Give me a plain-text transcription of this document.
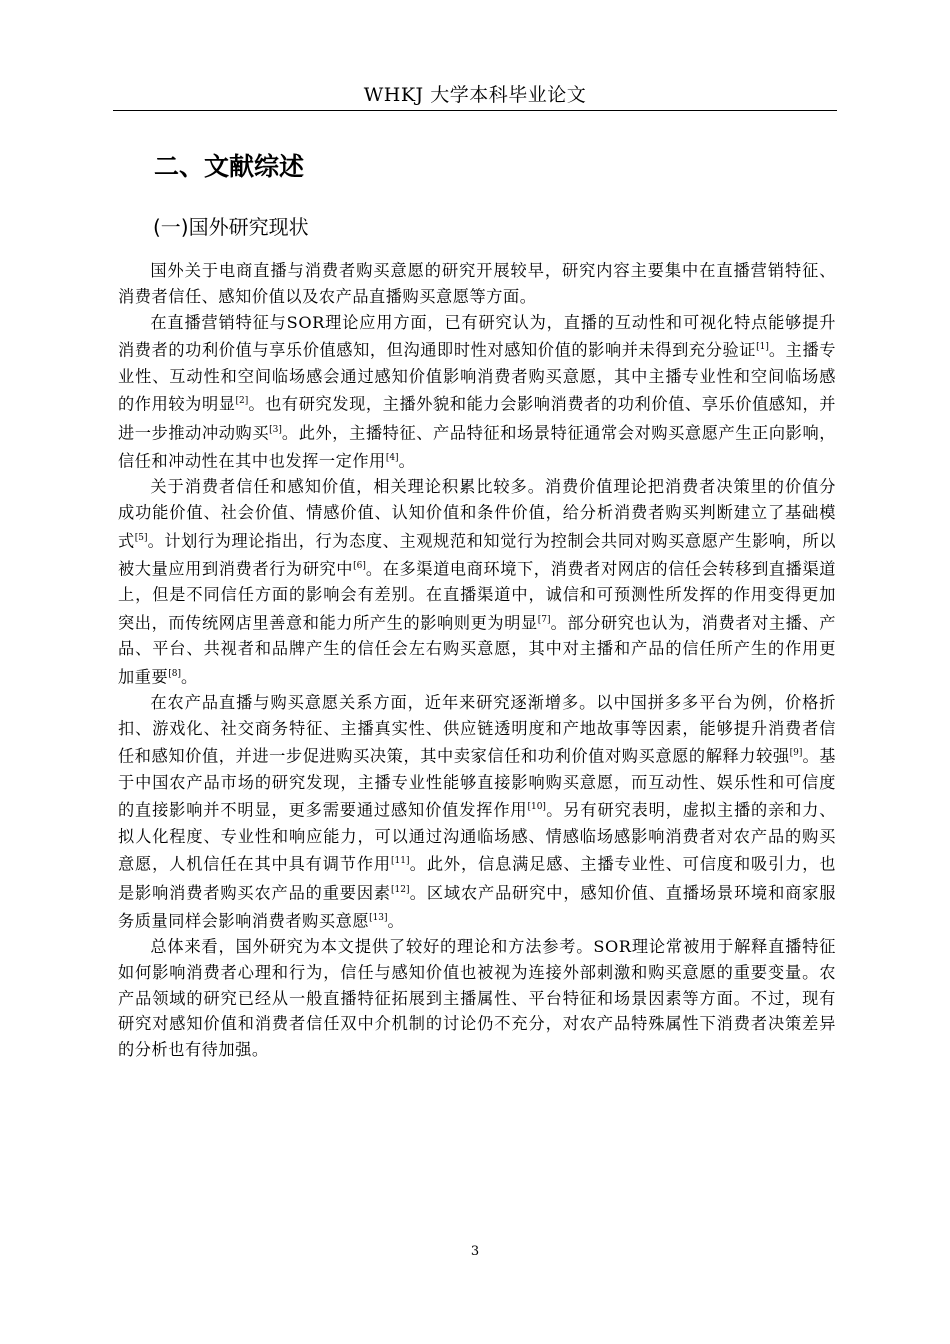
WHKJ 大学本科毕业论文
二、文献综述
(一)国外研究现状

国外关于电商直播与消费者购买意愿的研究开展较早，研究内容主要集中在直播营销特征、消费者信任、感知价值以及农产品直播购买意愿等方面。

在直播营销特征与SOR理论应用方面，已有研究认为，直播的互动性和可视化特点能够提升消费者的功利价值与享乐价值感知，但沟通即时性对感知价值的影响并未得到充分验证[1]。主播专业性、互动性和空间临场感会通过感知价值影响消费者购买意愿，其中主播专业性和空间临场感的作用较为明显[2]。也有研究发现，主播外貌和能力会影响消费者的功利价值、享乐价值感知，并进一步推动冲动购买[3]。此外，主播特征、产品特征和场景特征通常会对购买意愿产生正向影响，信任和冲动性在其中也发挥一定作用[4]。

关于消费者信任和感知价值，相关理论积累比较多。消费价值理论把消费者决策里的价值分成功能价值、社会价值、情感价值、认知价值和条件价值，给分析消费者购买判断建立了基础模式[5]。计划行为理论指出，行为态度、主观规范和知觉行为控制会共同对购买意愿产生影响，所以被大量应用到消费者行为研究中[6]。在多渠道电商环境下，消费者对网店的信任会转移到直播渠道上，但是不同信任方面的影响会有差别。在直播渠道中，诚信和可预测性所发挥的作用变得更加突出，而传统网店里善意和能力所产生的影响则更为明显[7]。部分研究也认为，消费者对主播、产品、平台、共视者和品牌产生的信任会左右购买意愿，其中对主播和产品的信任所产生的作用更加重要[8]。

在农产品直播与购买意愿关系方面，近年来研究逐渐增多。以中国拼多多平台为例，价格折扣、游戏化、社交商务特征、主播真实性、供应链透明度和产地故事等因素，能够提升消费者信任和感知价值，并进一步促进购买决策，其中卖家信任和功利价值对购买意愿的解释力较强[9]。基于中国农产品市场的研究发现，主播专业性能够直接影响购买意愿，而互动性、娱乐性和可信度的直接影响并不明显，更多需要通过感知价值发挥作用[10]。另有研究表明，虚拟主播的亲和力、拟人化程度、专业性和响应能力，可以通过沟通临场感、情感临场感影响消费者对农产品的购买意愿，人机信任在其中具有调节作用[11]。此外，信息满足感、主播专业性、可信度和吸引力，也是影响消费者购买农产品的重要因素[12]。区域农产品研究中，感知价值、直播场景环境和商家服务质量同样会影响消费者购买意愿[13]。

总体来看，国外研究为本文提供了较好的理论和方法参考。SOR理论常被用于解释直播特征如何影响消费者心理和行为，信任与感知价值也被视为连接外部刺激和购买意愿的重要变量。农产品领域的研究已经从一般直播特征拓展到主播属性、平台特征和场景因素等方面。不过，现有研究对感知价值和消费者信任双中介机制的讨论仍不充分，对农产品特殊属性下消费者决策差异的分析也有待加强。

3
